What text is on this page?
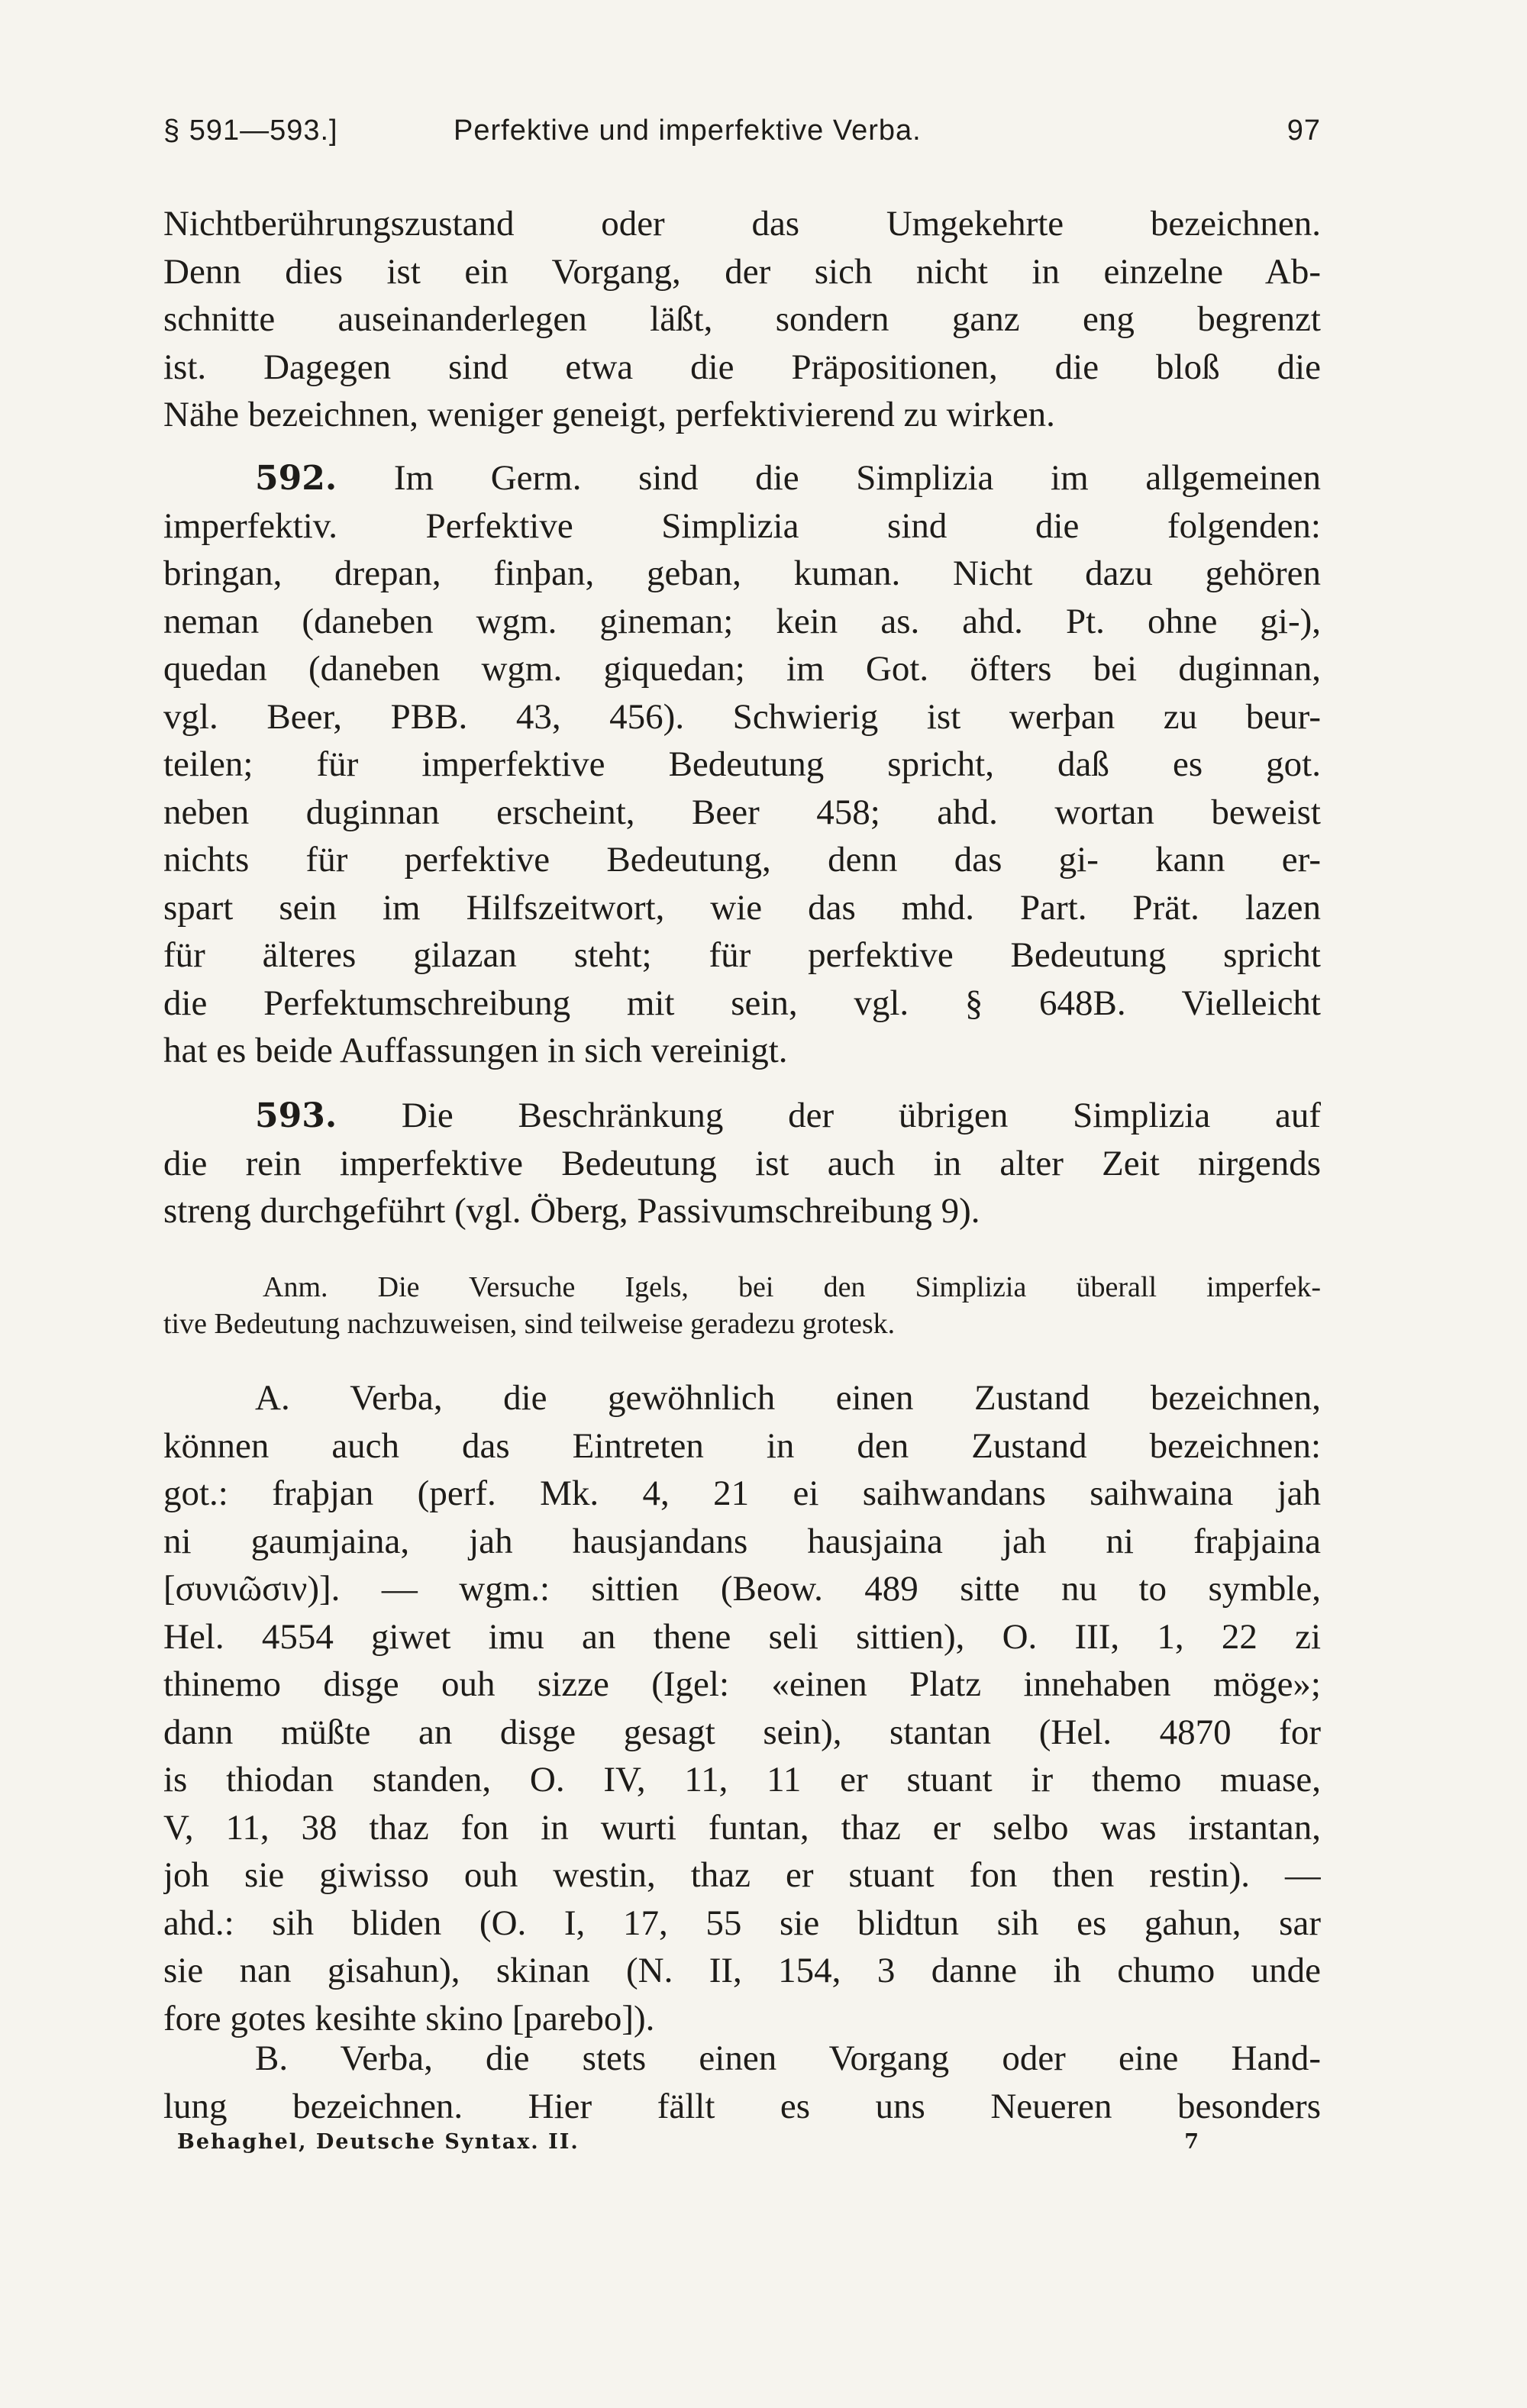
§ 591—593.]	Perfektive und imperfektive Verba.	97
Nichtberührungszustand oder das Umgekehrte bezeichnen.
Denn dies ist ein Vorgang, der sich nicht in einzelne Ab-
schnitte auseinanderlegen läßt, sondern ganz eng begrenzt
ist. Dagegen sind etwa die Präpositionen, die bloß die
Nähe bezeichnen, weniger geneigt, perfektivierend zu wirken.
592. Im Germ. sind die Simplizia im allgemeinen
imperfektiv. Perfektive Simplizia sind die folgenden:
bringan, drepan, finþan, geban, kuman. Nicht dazu gehören
neman (daneben wgm. gineman; kein as. ahd. Pt. ohne gi-),
quedan (daneben wgm. giquedan; im Got. öfters bei duginnan,
vgl. Beer, PBB. 43, 456). Schwierig ist werþan zu beur-
teilen; für imperfektive Bedeutung spricht, daß es got.
neben duginnan erscheint, Beer 458; ahd. wortan beweist
nichts für perfektive Bedeutung, denn das gi- kann er-
spart sein im Hilfszeitwort, wie das mhd. Part. Prät. lazen
für älteres gilazan steht; für perfektive Bedeutung spricht
die Perfektumschreibung mit sein, vgl. § 648B. Vielleicht
hat es beide Auffassungen in sich vereinigt.
593. Die Beschränkung der übrigen Simplizia auf
die rein imperfektive Bedeutung ist auch in alter Zeit nirgends
streng durchgeführt (vgl. Öberg, Passivumschreibung 9).
Anm. Die Versuche Igels, bei den Simplizia überall imperfek-
tive Bedeutung nachzuweisen, sind teilweise geradezu grotesk.
A. Verba, die gewöhnlich einen Zustand bezeichnen,
können auch das Eintreten in den Zustand bezeichnen:
got.: fraþjan (perf. Mk. 4, 21 ei saihwandans saihwaina jah
ni gaumjaina, jah hausjandans hausjaina jah ni fraþjaina
[συνιῶσιν)]. — wgm.: sittien (Beow. 489 sitte nu to symble,
Hel. 4554 giwet imu an thene seli sittien), O. III, 1, 22 zi
thinemo disge ouh sizze (Igel: «einen Platz innehaben möge»;
dann müßte an disge gesagt sein), stantan (Hel. 4870 for
is thiodan standen, O. IV, 11, 11 er stuant ir themo muase,
V, 11, 38 thaz fon in wurti funtan, thaz er selbo was irstantan,
joh sie giwisso ouh westin, thaz er stuant fon then restin). —
ahd.: sih bliden (O. I, 17, 55 sie blidtun sih es gahun, sar
sie nan gisahun), skinan (N. II, 154, 3 danne ih chumo unde
fore gotes kesihte skino [parebo]).
B. Verba, die stets einen Vorgang oder eine Hand-
lung bezeichnen. Hier fällt es uns Neueren besonders
Behaghel, Deutsche Syntax. II.	7
